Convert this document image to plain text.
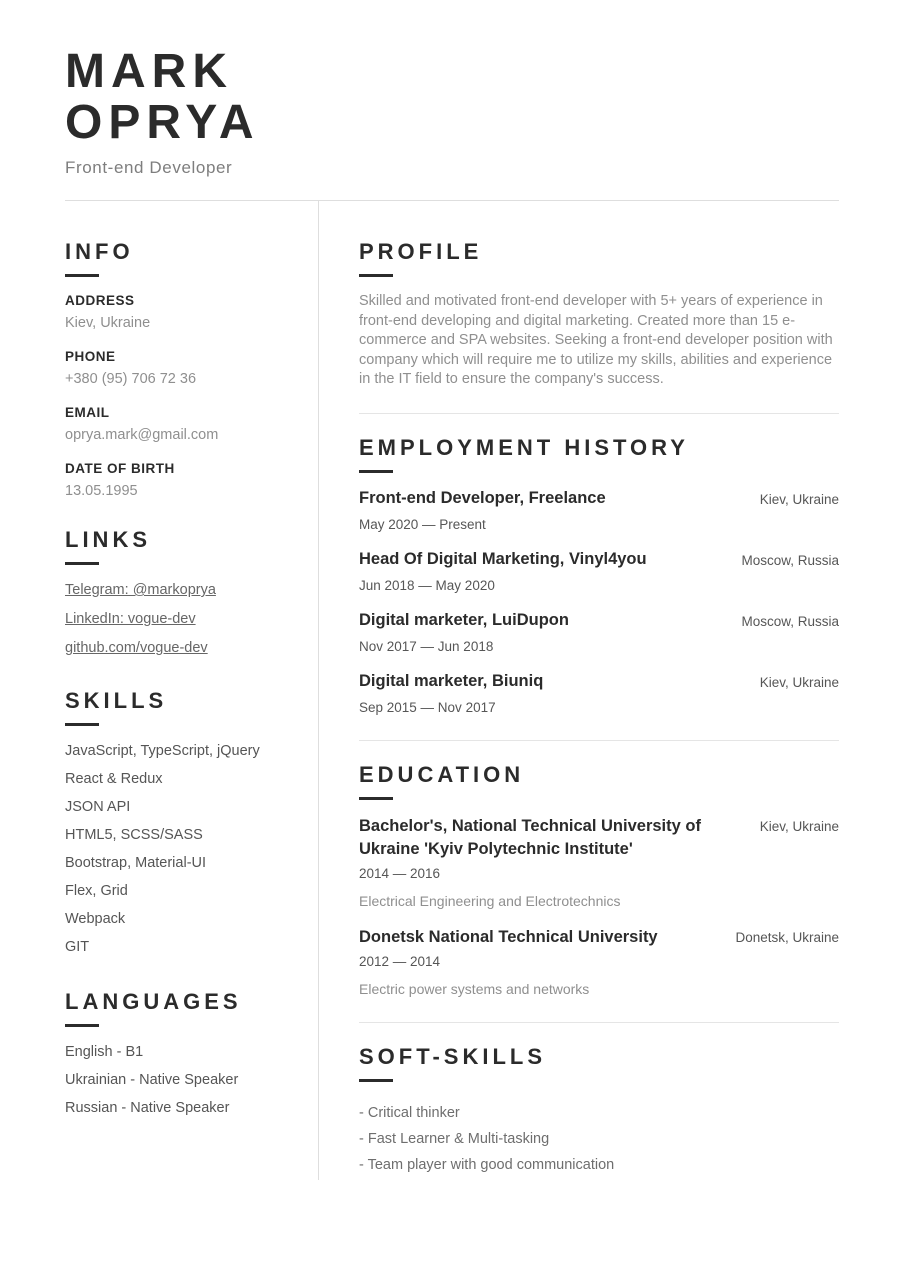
MARK
OPRYA
Front-end Developer
INFO
ADDRESS
Kiev, Ukraine
PHONE
+380 (95) 706 72 36
EMAIL
oprya.mark@gmail.com
DATE OF BIRTH
13.05.1995
LINKS
Telegram: @markoprya
LinkedIn: vogue-dev
github.com/vogue-dev
SKILLS
JavaScript, TypeScript, jQuery
React & Redux
JSON API
HTML5, SCSS/SASS
Bootstrap, Material-UI
Flex, Grid
Webpack
GIT
LANGUAGES
English - B1
Ukrainian - Native Speaker
Russian - Native Speaker
PROFILE

Skilled and motivated front-end developer with 5+ years of experience in front-end developing and digital marketing. Created more than 15 e-commerce and SPA websites. Seeking a front-end developer position with company which will require me to utilize my skills, abilities and experience in the IT field to ensure the company's success.

EMPLOYMENT HISTORY
Front-end Developer, Freelance	Kiev, Ukraine
May 2020 — Present
Head Of Digital Marketing, Vinyl4you	Moscow, Russia
Jun 2018 — May 2020
Digital marketer, LuiDupon	Moscow, Russia
Nov 2017 — Jun 2018
Digital marketer, Biuniq	Kiev, Ukraine
Sep 2015 — Nov 2017
EDUCATION
Bachelor's, National Technical University of Ukraine 'Kyiv Polytechnic Institute'
Kiev, Ukraine
2014 — 2016
Electrical Engineering and Electrotechnics
Donetsk National Technical University	Donetsk, Ukraine
2012 — 2014
Electric power systems and networks
SOFT-SKILLS
- Critical thinker
- Fast Learner & Multi-tasking
- Team player with good communication
